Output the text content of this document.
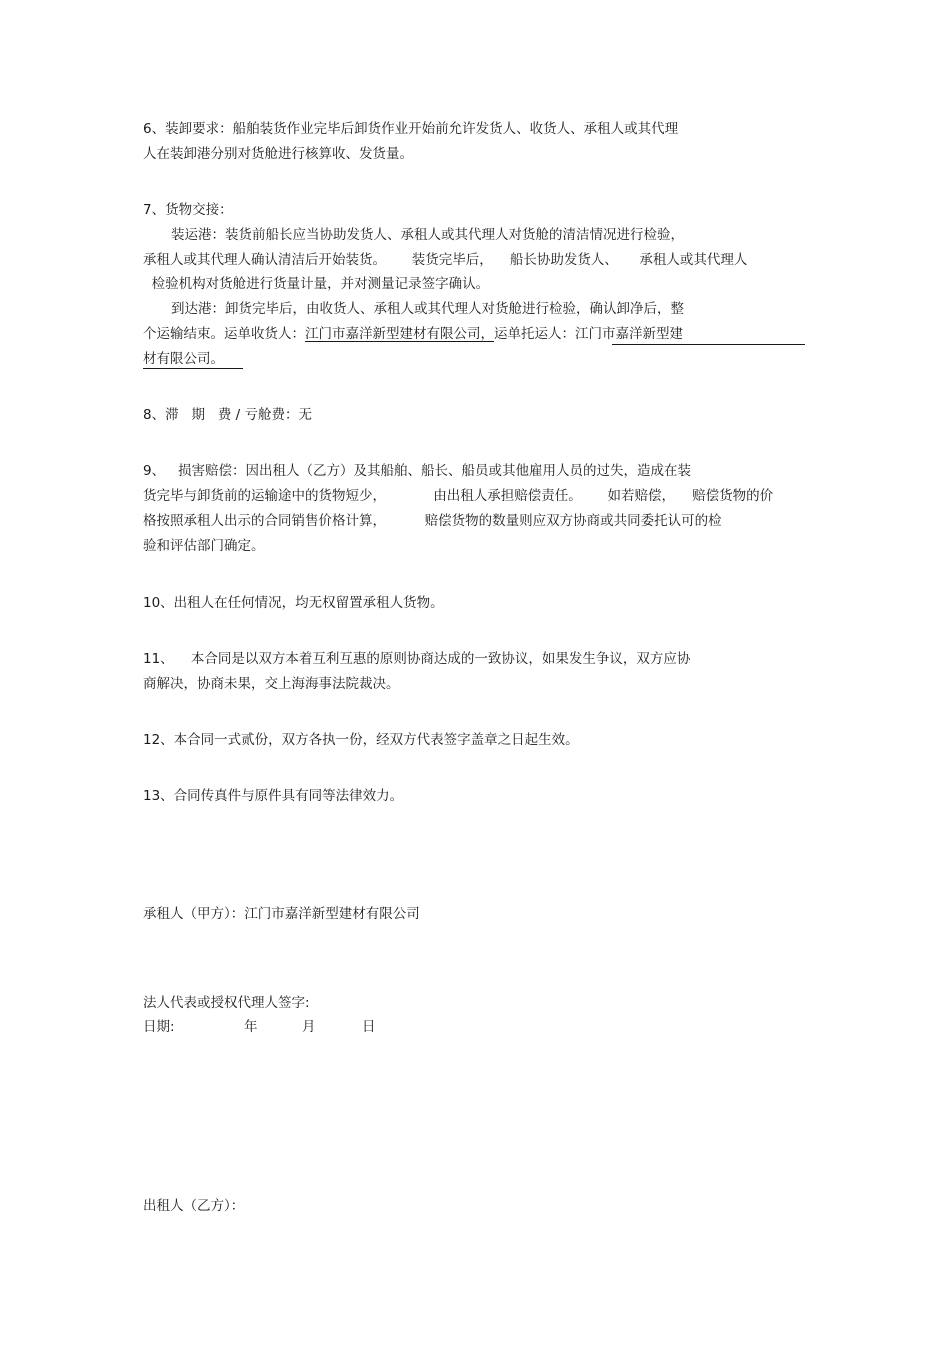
6、装卸要求：船舶装货作业完毕后卸货作业开始前允许发货人、收货人、承租人或其代理
人在装卸港分别对货舱进行核算收、发货量。
7、货物交接：
装运港：装货前船长应当协助发货人、承租人或其代理人对货舱的清洁情况进行检验，
承租人或其代理人确认清洁后开始装货。      装货完毕后，    船长协助发货人、     承租人或其代理人
检验机构对货舱进行货量计量，并对测量记录签字确认。
到达港：卸货完毕后，由收货人、承租人或其代理人对货舱进行检验，确认卸净后，整
个运输结束。运单收货人：江门市嘉洋新型建材有限公司，运单托运人：江门市嘉洋新型建
材有限公司。
8、滞   期   费 / 亏舱费：无
9、   损害赔偿：因出租人（乙方）及其船舶、船长、船员或其他雇用人员的过失，造成在装
货完毕与卸货前的运输途中的货物短少，           由出租人承担赔偿责任。      如若赔偿，    赔偿货物的价
格按照承租人出示的合同销售价格计算，         赔偿货物的数量则应双方协商或共同委托认可的检
验和评估部门确定。
10、出租人在任何情况，均无权留置承租人货物。
11、    本合同是以双方本着互利互惠的原则协商达成的一致协议，如果发生争议，双方应协
商解决，协商未果，交上海海事法院裁决。
12、本合同一式贰份，双方各执一份，经双方代表签字盖章之日起生效。
13、合同传真件与原件具有同等法律效力。
承租人（甲方）：江门市嘉洋新型建材有限公司
法人代表或授权代理人签字:
日期:	年	月	日
出租人（乙方）：
